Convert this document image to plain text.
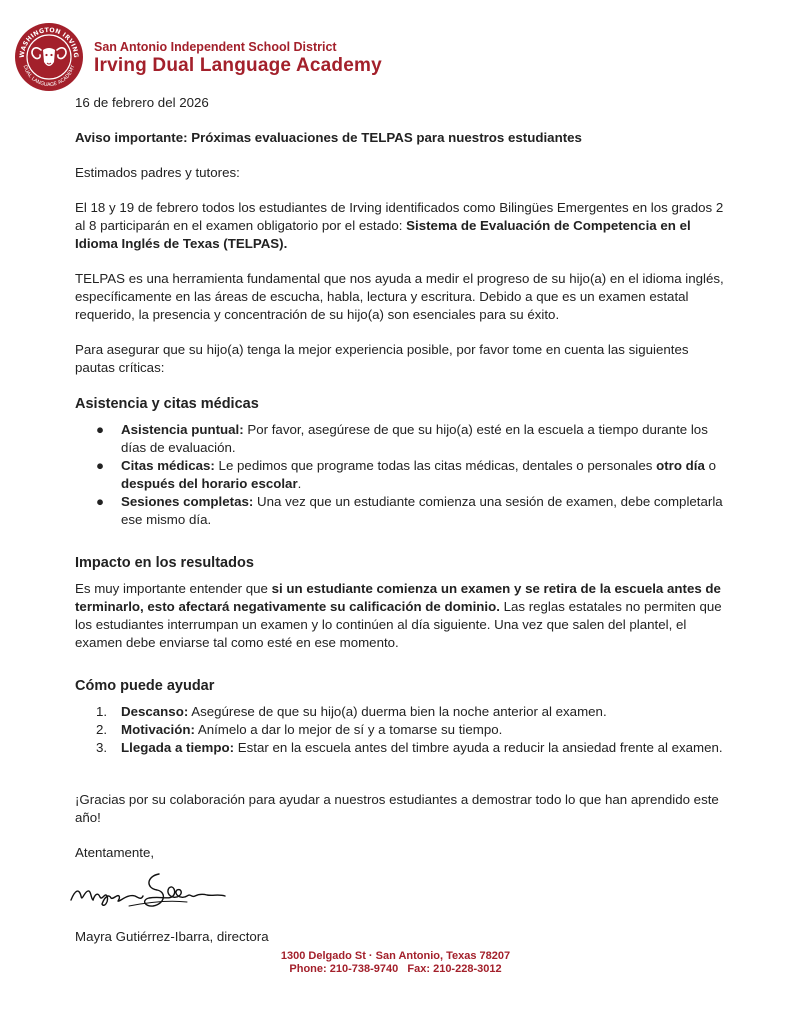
WASHINGTON IRVING
DUAL LANGUAGE ACADEMY
San Antonio Independent School District
Irving Dual Language Academy

16 de febrero del 2026

Aviso importante: Próximas evaluaciones de TELPAS para nuestros estudiantes

Estimados padres y tutores:

El 18 y 19 de febrero todos los estudiantes de Irving identificados como Bilingües Emergentes en los grados 2 al 8 participarán en el examen obligatorio por el estado: Sistema de Evaluación de Competencia en el Idioma Inglés de Texas (TELPAS).

TELPAS es una herramienta fundamental que nos ayuda a medir el progreso de su hijo(a) en el idioma inglés, específicamente en las áreas de escucha, habla, lectura y escritura. Debido a que es un examen estatal requerido, la presencia y concentración de su hijo(a) son esenciales para su éxito.

Para asegurar que su hijo(a) tenga la mejor experiencia posible, por favor tome en cuenta las siguientes pautas críticas:

Asistencia y citas médicas
● Asistencia puntual: Por favor, asegúrese de que su hijo(a) esté en la escuela a tiempo durante los días de evaluación.
● Citas médicas: Le pedimos que programe todas las citas médicas, dentales o personales otro día o después del horario escolar.
● Sesiones completas: Una vez que un estudiante comienza una sesión de examen, debe completarla ese mismo día.
Impacto en los resultados

Es muy importante entender que si un estudiante comienza un examen y se retira de la escuela antes de terminarlo, esto afectará negativamente su calificación de dominio. Las reglas estatales no permiten que los estudiantes interrumpan un examen y lo continúen al día siguiente. Una vez que salen del plantel, el examen debe enviarse tal como esté en ese momento.

Cómo puede ayudar
1. Descanso: Asegúrese de que su hijo(a) duerma bien la noche anterior al examen.
2. Motivación: Anímelo a dar lo mejor de sí y a tomarse su tiempo.
3. Llegada a tiempo: Estar en la escuela antes del timbre ayuda a reducir la ansiedad frente al examen.

¡Gracias por su colaboración para ayudar a nuestros estudiantes a demostrar todo lo que han aprendido este año!

Atentamente,

Mayra Gutiérrez-Ibarra, directora

1300 Delgado St · San Antonio, Texas 78207
Phone: 210-738-9740   Fax: 210-228-3012
